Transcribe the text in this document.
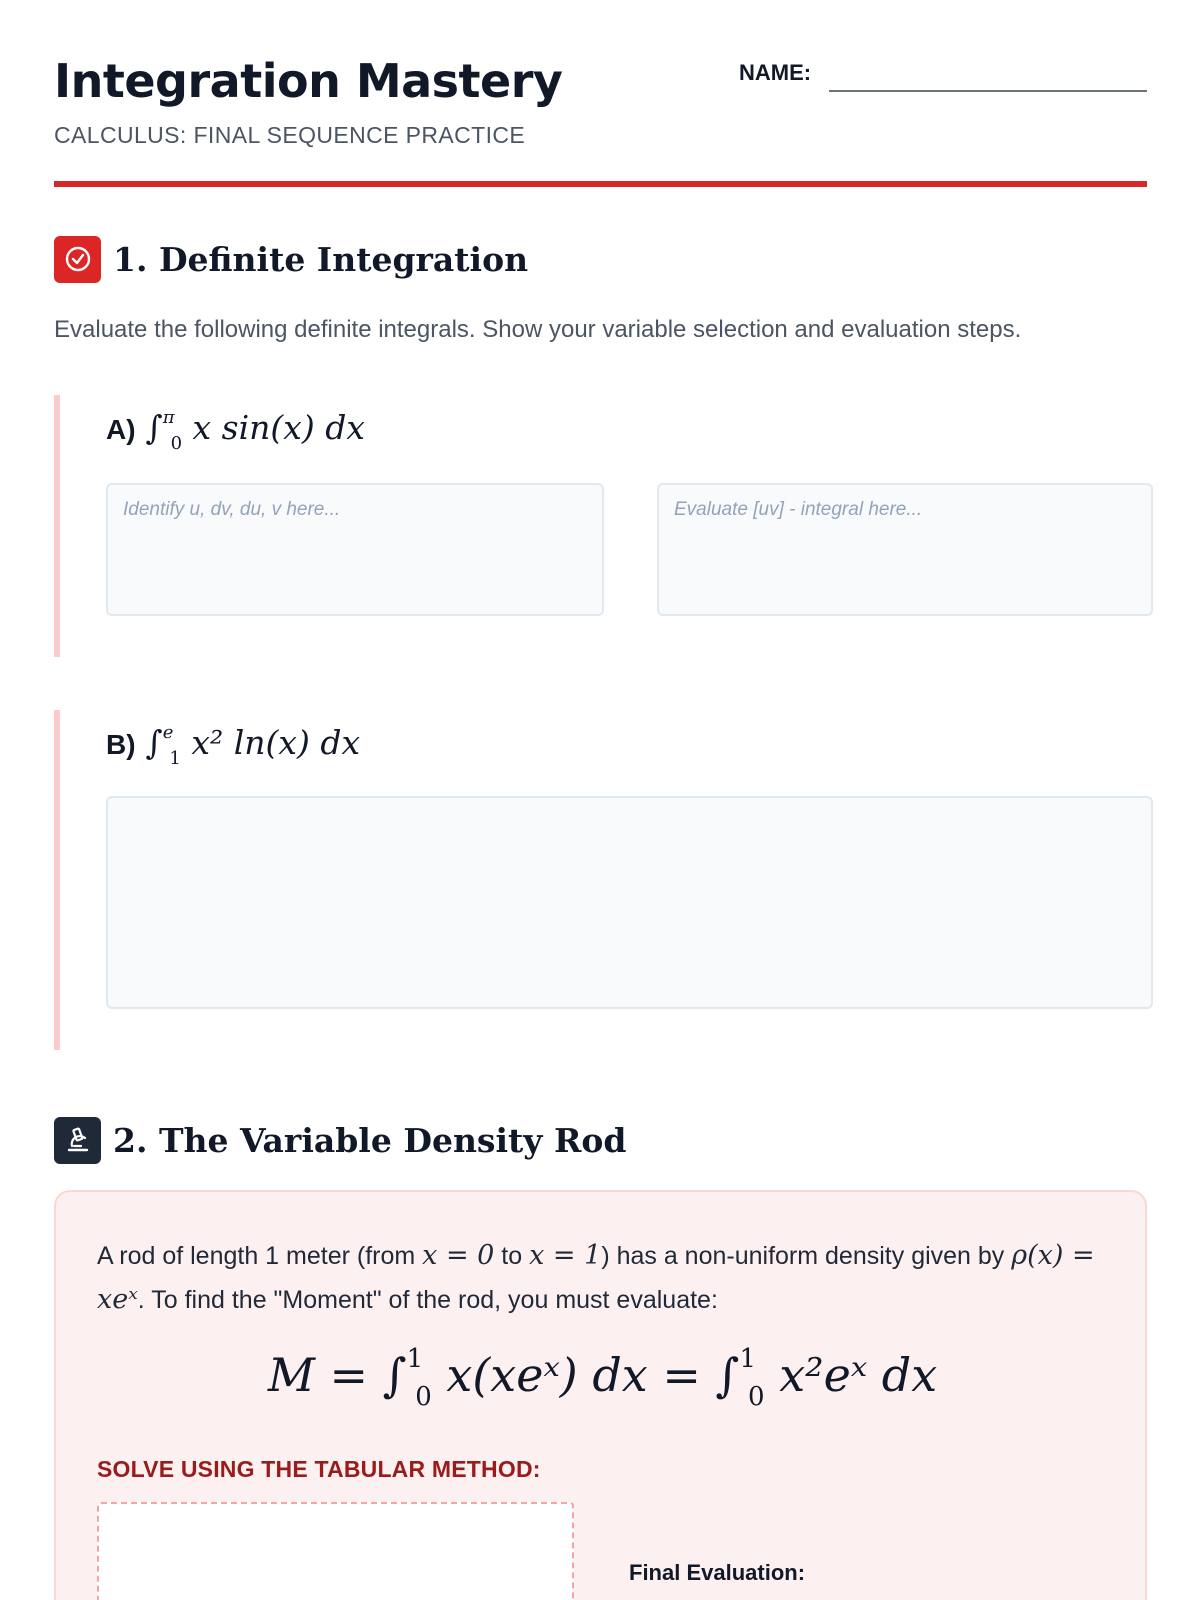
Integration Mastery
CALCULUS: FINAL SEQUENCE PRACTICE
NAME:
1. Definite Integration
Evaluate the following definite integrals. Show your variable selection and evaluation steps.
A) ∫$^\pi_0$ x sin(x) dx
Identify u, dv, du, v here...	Evaluate [uv] - integral here...
B) ∫$^e_1$ x² ln(x) dx
2. The Variable Density Rod
A rod of length 1 meter (from x = 0 to x = 1) has a non-uniform density given by ρ(x) = xeˣ. To find the "Moment" of the rod, you must evaluate:
M = ∫$^1_0$ x(xeˣ) dx = ∫$^1_0$ x²eˣ dx
SOLVE USING THE TABULAR METHOD:
Final Evaluation:
